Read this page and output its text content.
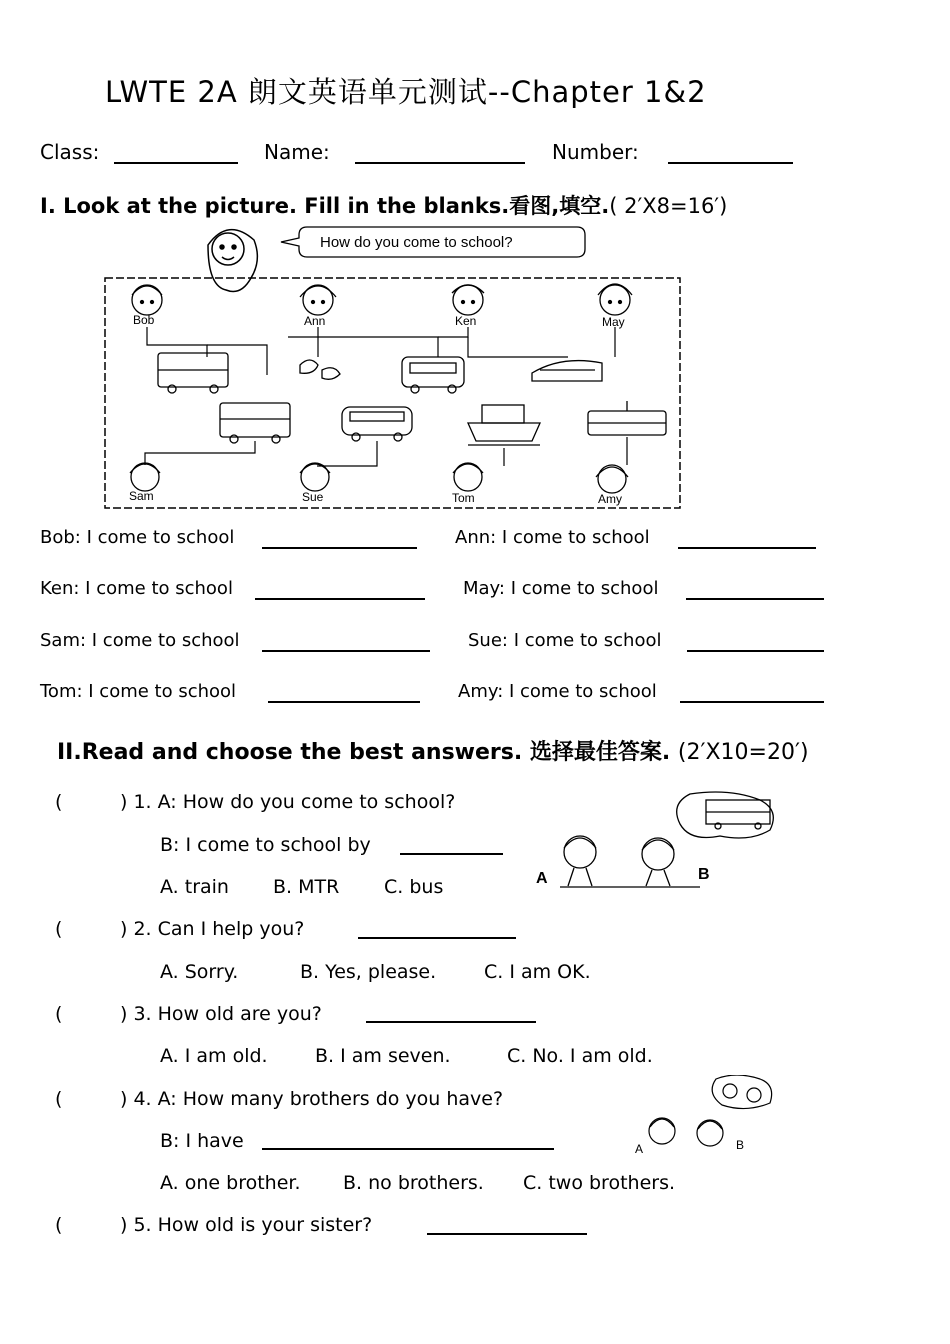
LWTE 2A 朗文英语单元测试--Chapter 1&2
Class:	Name:	Number:
I. Look at the picture. Fill in the blanks.看图,填空.( 2′X8=16′)
How do you come to school?
Bob	Ann	Ken	May
Sam	Sue	Tom	Amy
Bob: I come to school	Ann: I come to school
Ken: I come to school	May: I come to school
Sam: I come to school	Sue: I come to school
Tom: I come to school	Amy: I come to school
II.Read and choose the best answers. 选择最佳答案. (2′X10=20′)
(	) 1. A: How do you come to school?
B: I come to school by
A. train B. MTR C. bus	A	B
(	) 2. Can I help you?
A. Sorry.	B. Yes, please.	C. I am OK.
(	) 3. How old are you?
A. I am old. B. I am seven.	C. No. I am old.
(	) 4. A: How many brothers do you have?
B: I have
A. one brother. B. no brothers. C. two brothers.
A	B
(	) 5. How old is your sister?
